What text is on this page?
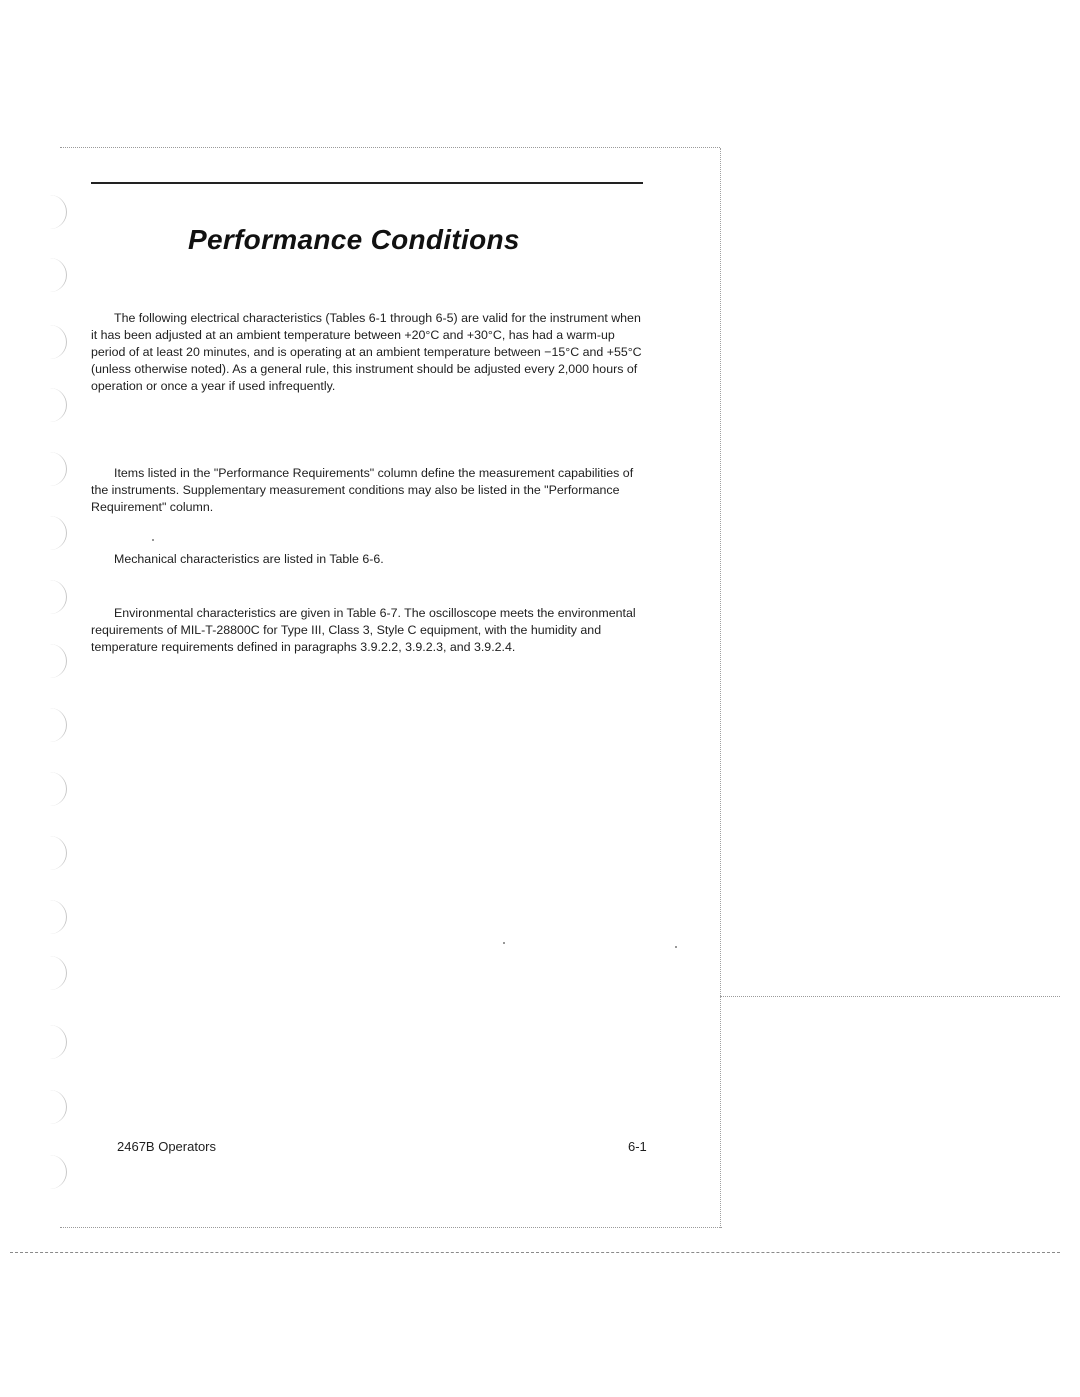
Performance Conditions

The following electrical characteristics (Tables 6-1 through 6-5) are valid for the instrument when it has been adjusted at an ambient temperature between +20°C and +30°C, has had a warm-up period of at least 20 minutes, and is operating at an ambient temperature between −15°C and +55°C (unless otherwise noted). As a general rule, this instrument should be adjusted every 2,000 hours of operation or once a year if used infrequently.

Items listed in the "Performance Requirements" column define the measurement capabilities of the instruments. Supplementary measurement conditions may also be listed in the "Performance Requirement" column.

Mechanical characteristics are listed in Table 6-6.

Environmental characteristics are given in Table 6-7. The oscilloscope meets the environmental requirements of MIL-T-28800C for Type III, Class 3, Style C equipment, with the humidity and temperature requirements defined in paragraphs 3.9.2.2, 3.9.2.3, and 3.9.2.4.

2467B Operators	6-1
